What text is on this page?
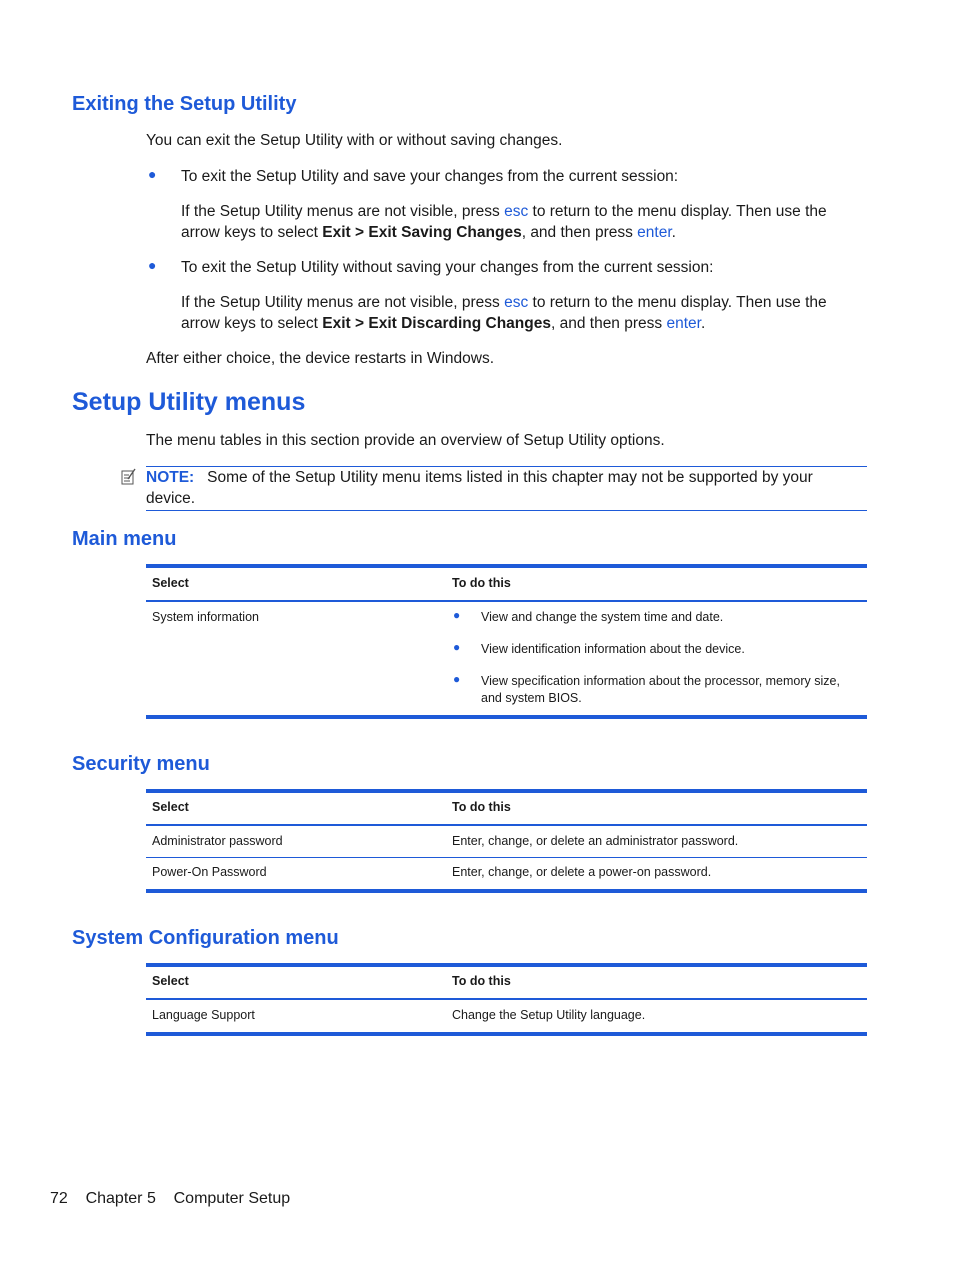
Exiting the Setup Utility

You can exit the Setup Utility with or without saving changes.

● To exit the Setup Utility and save your changes from the current session:

If the Setup Utility menus are not visible, press esc to return to the menu display. Then use the
arrow keys to select Exit > Exit Saving Changes, and then press enter.
● To exit the Setup Utility without saving your changes from the current session:

If the Setup Utility menus are not visible, press esc to return to the menu display. Then use the
arrow keys to select Exit > Exit Discarding Changes, and then press enter.

After either choice, the device restarts in Windows.

Setup Utility menus

The menu tables in this section provide an overview of Setup Utility options.

NOTE: Some of the Setup Utility menu items listed in this chapter may not be supported by your
device.
Main menu
Select	To do this
System information	● View and change the system time and date.
● View identification information about the device.
● View specification information about the processor, memory size,
and system BIOS.
Security menu
Select	To do this
Administrator password	Enter, change, or delete an administrator password.
Power-On Password	Enter, change, or delete a power-on password.
System Configuration menu
Select	To do this
Language Support	Change the Setup Utility language.
72 Chapter 5 Computer Setup
